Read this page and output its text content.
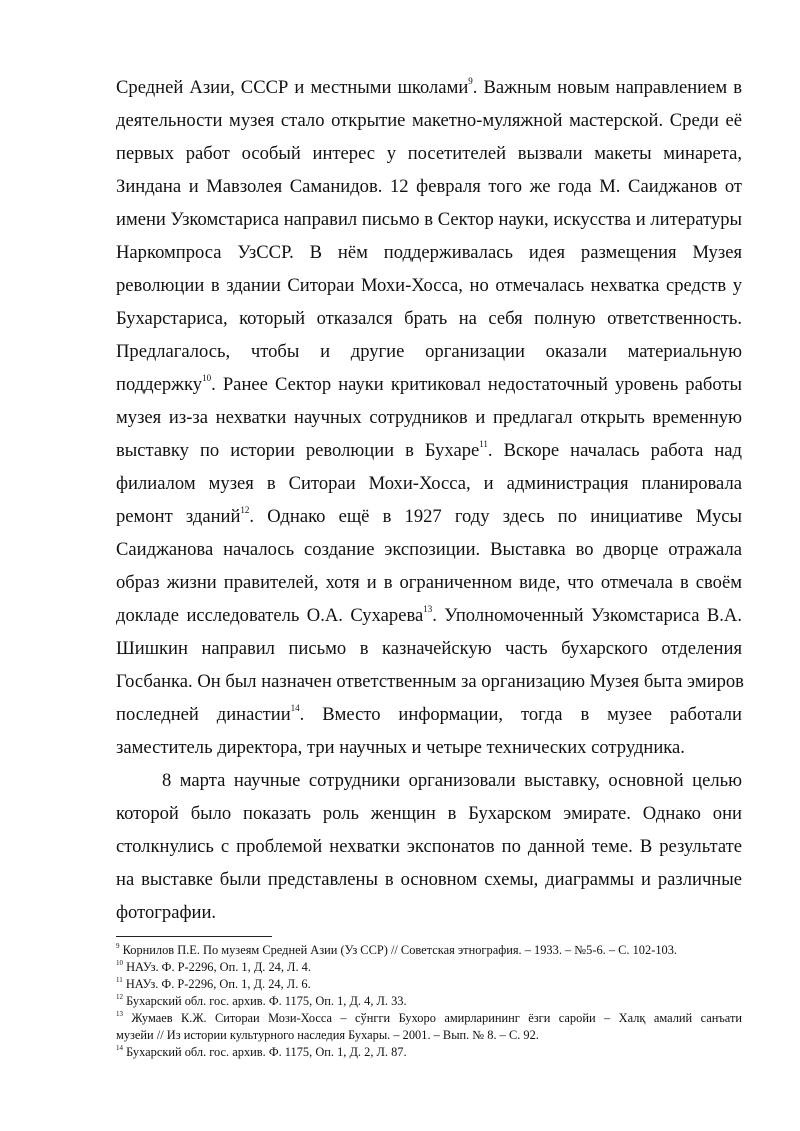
Средней Азии, СССР и местными школами$^9$. Важным новым направлением в
деятельности музея стало открытие макетно-муляжной мастерской. Среди её
первых работ особый интерес у посетителей вызвали макеты минарета,
Зиндана и Мавзолея Саманидов. 12 февраля того же года М. Саиджанов от
имени Узкомстариса направил письмо в Сектор науки, искусства и литературы
Наркомпроса УзССР. В нём поддерживалась идея размещения Музея
революции в здании Ситораи Мохи-Хосса, но отмечалась нехватка средств у
Бухарстариса, который отказался брать на себя полную ответственность.
Предлагалось, чтобы и другие организации оказали материальную
поддержку$^{10}$. Ранее Сектор науки критиковал недостаточный уровень работы
музея из-за нехватки научных сотрудников и предлагал открыть временную
выставку по истории революции в Бухаре$^{11}$. Вскоре началась работа над
филиалом музея в Ситораи Мохи-Хосса, и администрация планировала
ремонт зданий$^{12}$. Однако ещё в 1927 году здесь по инициативе Мусы
Саиджанова началось создание экспозиции. Выставка во дворце отражала
образ жизни правителей, хотя и в ограниченном виде, что отмечала в своём
докладе исследователь О.А. Сухарева$^{13}$. Уполномоченный Узкомстариса В.А.
Шишкин направил письмо в казначейскую часть бухарского отделения
Госбанка. Он был назначен ответственным за организацию Музея быта эмиров
последней династии$^{14}$. Вместо информации, тогда в музее работали
заместитель директора, три научных и четыре технических сотрудника.
8 марта научные сотрудники организовали выставку, основной целью
которой было показать роль женщин в Бухарском эмирате. Однако они
столкнулись с проблемой нехватки экспонатов по данной теме. В результате
на выставке были представлены в основном схемы, диаграммы и различные
фотографии.
$^9$ Корнилов П.Е. По музеям Средней Азии (Уз ССР) // Советская этнография. – 1933. – №5-6. – С. 102-103.
$^{10}$ НАУз. Ф. Р-2296, Оп. 1, Д. 24, Л. 4.
$^{11}$ НАУз. Ф. Р-2296, Оп. 1, Д. 24, Л. 6.
$^{12}$ Бухарский обл. гос. архив. Ф. 1175, Оп. 1, Д. 4, Л. 33.
$^{13}$ Жумаев К.Ж. Ситораи Мози-Хосса – сўнгги Бухоро амирларининг ёзги саройи – Халқ амалий санъати
музейи // Из истории культурного наследия Бухары. – 2001. – Вып. № 8. – С. 92.
$^{14}$ Бухарский обл. гос. архив. Ф. 1175, Оп. 1, Д. 2, Л. 87.
